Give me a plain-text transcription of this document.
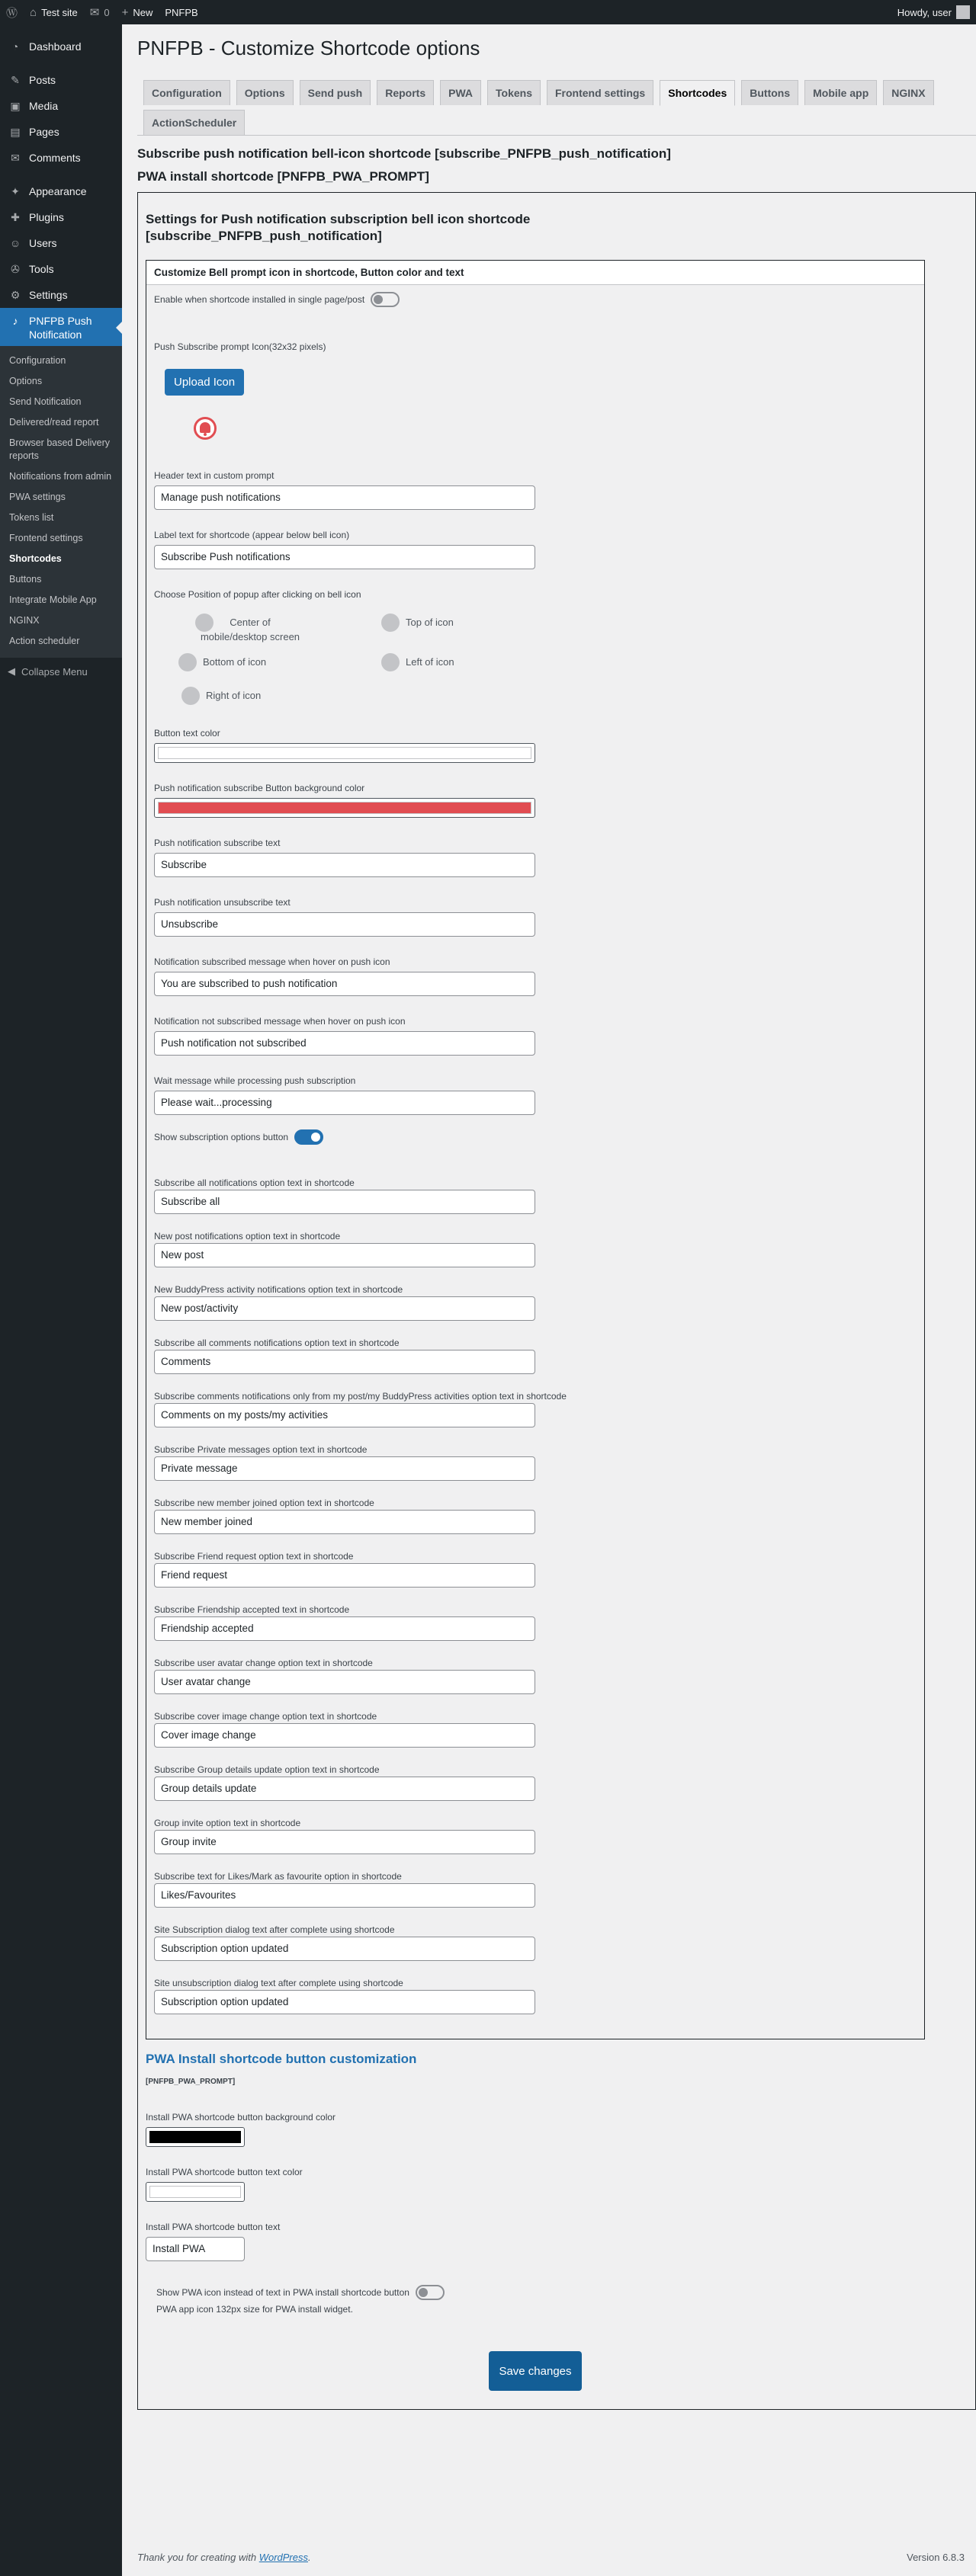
Ⓦ ⌂ Test site ✉ 0 + New PNFPB	Howdy, user
◔ Dashboard
✎ Posts
▣ Media
▤ Pages
✉ Comments
✦ Appearance
✚ Plugins
☺ Users
✇ Tools
⚙ Settings
♪	PNFPB Push Notification
Configuration
Options
Send Notification
Delivered/read report
Browser based Delivery reports
Notifications from admin
PWA settings
Tokens list
Frontend settings
Shortcodes
Buttons
Integrate Mobile App
NGINX
Action scheduler
◀ Collapse Menu
PNFPB - Customize Shortcode options
Configuration	Options	Send push	Reports	PWA	Tokens	Frontend settings	Shortcodes	Buttons	Mobile app	NGINX
ActionScheduler
Subscribe push notification bell-icon shortcode [subscribe_PNFPB_push_notification]
PWA install shortcode [PNFPB_PWA_PROMPT]
Settings for Push notification subscription bell icon shortcode [subscribe_PNFPB_push_notification]
Customize Bell prompt icon in shortcode, Button color and text
Enable when shortcode installed in single page/post
Push Subscribe prompt Icon(32x32 pixels)
Upload Icon
Header text in custom prompt
Manage push notifications
Label text for shortcode (appear below bell icon)
Subscribe Push notifications
Choose Position of popup after clicking on bell icon
Center of mobile/desktop screen
Top of icon
Bottom of icon	Left of icon
Right of icon
Button text color
Push notification subscribe Button background color
Push notification subscribe text
Subscribe
Push notification unsubscribe text
Unsubscribe
Notification subscribed message when hover on push icon
You are subscribed to push notification
Notification not subscribed message when hover on push icon
Push notification not subscribed
Wait message while processing push subscription
Please wait...processing
Show subscription options button
Subscribe all notifications option text in shortcode
Subscribe all
New post notifications option text in shortcode
New post
New BuddyPress activity notifications option text in shortcode
New post/activity
Subscribe all comments notifications option text in shortcode
Comments
Subscribe comments notifications only from my post/my BuddyPress activities option text in shortcode
Comments on my posts/my activities
Subscribe Private messages option text in shortcode
Private message
Subscribe new member joined option text in shortcode
New member joined
Subscribe Friend request option text in shortcode
Friend request
Subscribe Friendship accepted text in shortcode
Friendship accepted
Subscribe user avatar change option text in shortcode
User avatar change
Subscribe cover image change option text in shortcode
Cover image change
Subscribe Group details update option text in shortcode
Group details update
Group invite option text in shortcode
Group invite
Subscribe text for Likes/Mark as favourite option in shortcode
Likes/Favourites
Site Subscription dialog text after complete using shortcode
Subscription option updated
Site unsubscription dialog text after complete using shortcode
Subscription option updated
PWA Install shortcode button customization
[PNFPB_PWA_PROMPT]
Install PWA shortcode button background color
Install PWA shortcode button text color
Install PWA shortcode button text
Install PWA
Show PWA icon instead of text in PWA install shortcode button
PWA app icon 132px size for PWA install widget.
Save changes
Thank you for creating with WordPress.	Version 6.8.3
